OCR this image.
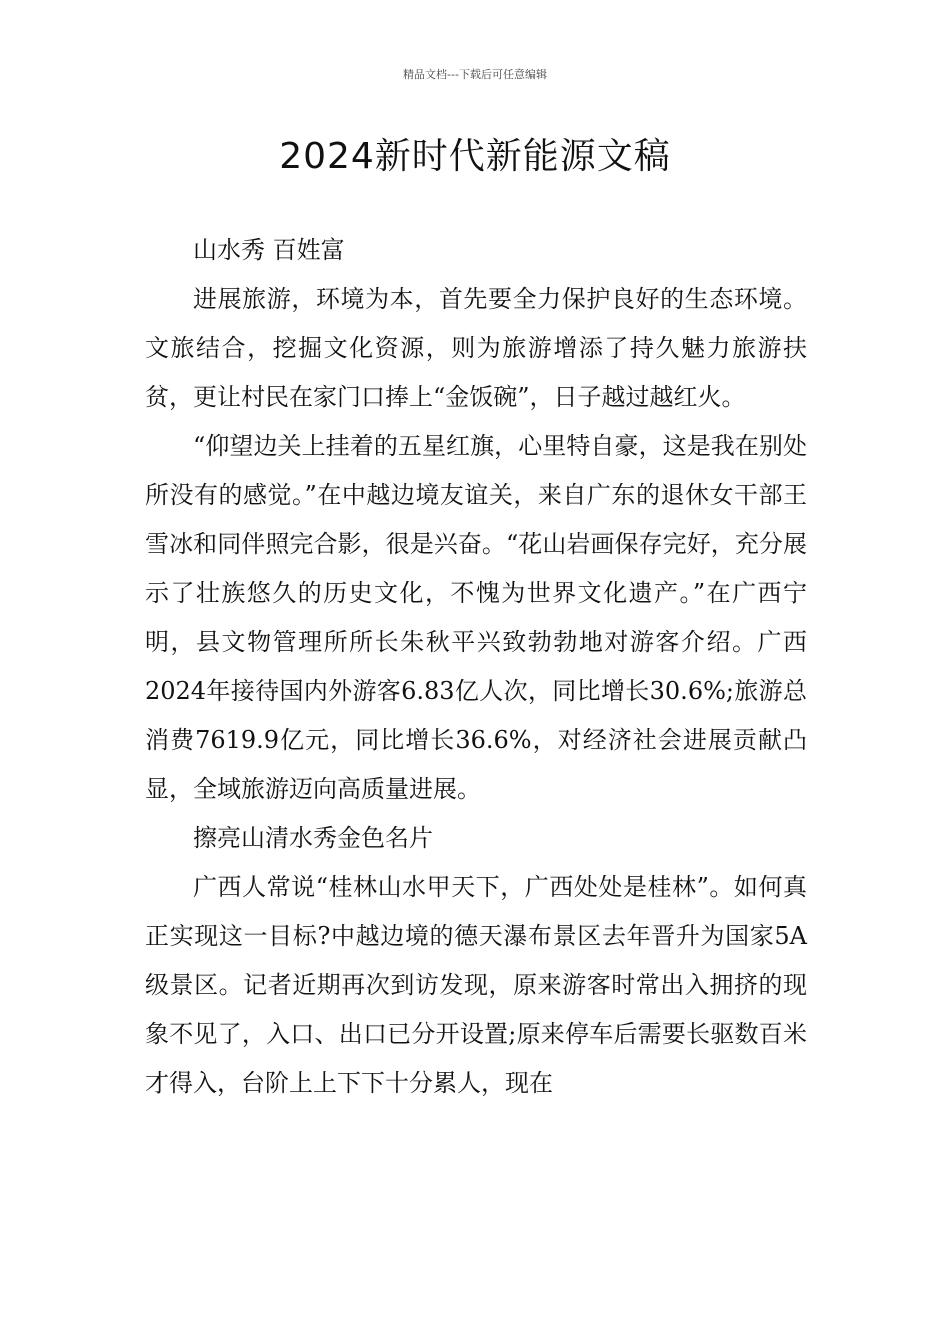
精品文档---下载后可任意编辑
2024新时代新能源文稿

山水秀 百姓富

进展旅游，环境为本，首先要全力保护良好的生态环境。文旅结合，挖掘文化资源，则为旅游增添了持久魅力旅游扶贫，更让村民在家门口捧上“金饭碗”，日子越过越红火。

“仰望边关上挂着的五星红旗，心里特自豪，这是我在别处所没有的感觉。”在中越边境友谊关，来自广东的退休女干部王雪冰和同伴照完合影，很是兴奋。“花山岩画保存完好，充分展示了壮族悠久的历史文化，不愧为世界文化遗产。”在广西宁明，县文物管理所所长朱秋平兴致勃勃地对游客介绍。广西2024年接待国内外游客6.83亿人次，同比增长30.6%;旅游总消费7619.9亿元，同比增长36.6%，对经济社会进展贡献凸显，全域旅游迈向高质量进展。

擦亮山清水秀金色名片

广西人常说“桂林山水甲天下，广西处处是桂林”。如何真正实现这一目标?中越边境的德天瀑布景区去年晋升为国家5A级景区。记者近期再次到访发现，原来游客时常出入拥挤的现象不见了，入口、出口已分开设置;原来停车后需要长驱数百米才得入，台阶上上下下十分累人，现在
